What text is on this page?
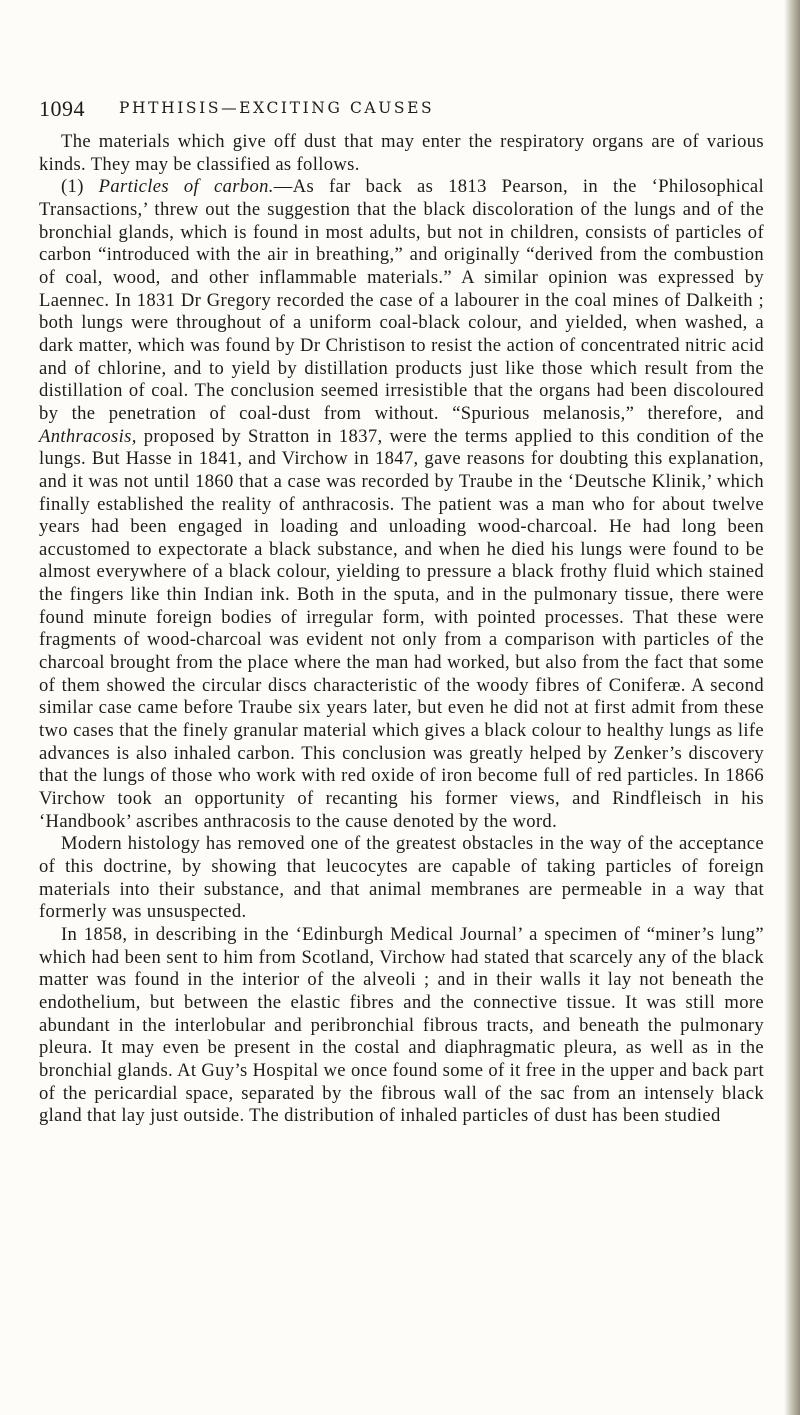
1094 PHTHISIS—EXCITING CAUSES

The materials which give off dust that may enter the respiratory organs are of various kinds. They may be classified as follows.

(1) Particles of carbon.—As far back as 1813 Pearson, in the ‘Philosophical Transactions,’ threw out the suggestion that the black discoloration of the lungs and of the bronchial glands, which is found in most adults, but not in children, consists of particles of carbon “introduced with the air in breathing,” and originally “derived from the combustion of coal, wood, and other inflammable materials.” A similar opinion was expressed by Laennec. In 1831 Dr Gregory recorded the case of a labourer in the coal mines of Dalkeith ; both lungs were throughout of a uniform coal-black colour, and yielded, when washed, a dark matter, which was found by Dr Christison to resist the action of concentrated nitric acid and of chlorine, and to yield by distillation products just like those which result from the distillation of coal. The conclusion seemed irresistible that the organs had been discoloured by the penetration of coal-dust from without. “Spurious melanosis,” therefore, and Anthracosis, proposed by Stratton in 1837, were the terms applied to this condition of the lungs. But Hasse in 1841, and Virchow in 1847, gave reasons for doubting this explanation, and it was not until 1860 that a case was recorded by Traube in the ‘Deutsche Klinik,’ which finally established the reality of anthracosis. The patient was a man who for about twelve years had been engaged in loading and unloading wood-charcoal. He had long been accustomed to expectorate a black substance, and when he died his lungs were found to be almost everywhere of a black colour, yielding to pressure a black frothy fluid which stained the fingers like thin Indian ink. Both in the sputa, and in the pulmonary tissue, there were found minute foreign bodies of irregular form, with pointed processes. That these were fragments of wood-charcoal was evident not only from a comparison with particles of the charcoal brought from the place where the man had worked, but also from the fact that some of them showed the circular discs characteristic of the woody fibres of Coniferæ. A second similar case came before Traube six years later, but even he did not at first admit from these two cases that the finely granular material which gives a black colour to healthy lungs as life advances is also inhaled carbon. This conclusion was greatly helped by Zenker’s discovery that the lungs of those who work with red oxide of iron become full of red particles. In 1866 Virchow took an opportunity of recanting his former views, and Rindfleisch in his ‘Handbook’ ascribes anthracosis to the cause denoted by the word.

Modern histology has removed one of the greatest obstacles in the way of the acceptance of this doctrine, by showing that leucocytes are capable of taking particles of foreign materials into their substance, and that animal membranes are permeable in a way that formerly was unsuspected.

In 1858, in describing in the ‘Edinburgh Medical Journal’ a specimen of “miner’s lung” which had been sent to him from Scotland, Virchow had stated that scarcely any of the black matter was found in the interior of the alveoli ; and in their walls it lay not beneath the endothelium, but between the elastic fibres and the connective tissue. It was still more abundant in the interlobular and peribronchial fibrous tracts, and beneath the pulmonary pleura. It may even be present in the costal and diaphragmatic pleura, as well as in the bronchial glands. At Guy’s Hospital we once found some of it free in the upper and back part of the pericardial space, separated by the fibrous wall of the sac from an intensely black gland that lay just outside. The distribution of inhaled particles of dust has been studied
